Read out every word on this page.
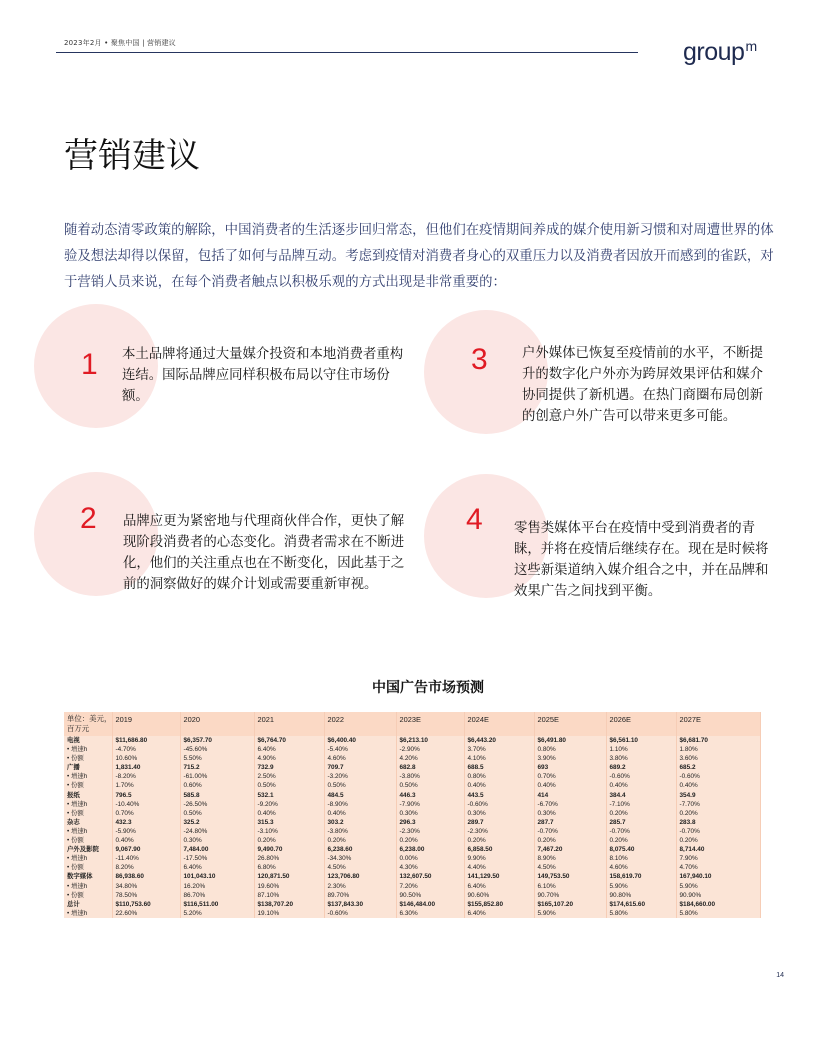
2023年2月 • 聚焦中国 | 营销建议	group$^m$
营销建议
随着动态清零政策的解除，中国消费者的生活逐步回归常态，但他们在疫情期间养成的媒介使用新习惯和对周遭世界的体验及想法却得以保留，包括了如何与品牌互动。考虑到疫情对消费者身心的双重压力以及消费者因放开而感到的雀跃，对于营销人员来说，在每个消费者触点以积极乐观的方式出现是非常重要的：
1 本土品牌将通过大量媒介投资和本地消费者重构连结。国际品牌应同样积极布局以守住市场份额。
2 品牌应更为紧密地与代理商伙伴合作，更快了解现阶段消费者的心态变化。消费者需求在不断进化，他们的关注重点也在不断变化，因此基于之前的洞察做好的媒介计划或需要重新审视。
3	户外媒体已恢复至疫情前的水平，不断提升的数字化户外亦为跨屏效果评估和媒介协同提供了新机遇。在热门商圈布局创新的创意户外广告可以带来更多可能。
4 零售类媒体平台在疫情中受到消费者的青睐，并将在疫情后继续存在。现在是时候将这些新渠道纳入媒介组合之中，并在品牌和效果广告之间找到平衡。
中国广告市场预测
单位：美元，百万元	2019	2020	2021	2022	2023E	2024E	2025E	2026E	2027E
电视	$11,686.80	$6,357.70	$6,764.70	$6,400.40	$6,213.10	$6,443.20	$6,491.80	$6,561.10	$6,681.70
• 增速h	-4.70%	-45.60%	6.40%	-5.40%	-2.90%	3.70%	0.80%	1.10%	1.80%
• 份额	10.60%	5.50%	4.90%	4.60%	4.20%	4.10%	3.90%	3.80%	3.60%
广播	1,831.40	715.2	732.9	709.7	682.8	688.5	693	689.2	685.2
• 增速h	-8.20%	-61.00%	2.50%	-3.20%	-3.80%	0.80%	0.70%	-0.60%	-0.60%
• 份额	1.70%	0.60%	0.50%	0.50%	0.50%	0.40%	0.40%	0.40%	0.40%
报纸	796.5	585.8	532.1	484.5	446.3	443.5	414	384.4	354.9
• 增速h	-10.40%	-26.50%	-9.20%	-8.90%	-7.90%	-0.60%	-6.70%	-7.10%	-7.70%
• 份额	0.70%	0.50%	0.40%	0.40%	0.30%	0.30%	0.30%	0.20%	0.20%
杂志	432.3	325.2	315.3	303.2	296.3	289.7	287.7	285.7	283.8
• 增速h	-5.90%	-24.80%	-3.10%	-3.80%	-2.30%	-2.30%	-0.70%	-0.70%	-0.70%
• 份额	0.40%	0.30%	0.20%	0.20%	0.20%	0.20%	0.20%	0.20%	0.20%
户外及影院	9,067.90	7,484.00	9,490.70	6,238.60	6,238.00	6,858.50	7,467.20	8,075.40	8,714.40
• 增速h	-11.40%	-17.50%	26.80%	-34.30%	0.00%	9.90%	8.90%	8.10%	7.90%
• 份额	8.20%	6.40%	6.80%	4.50%	4.30%	4.40%	4.50%	4.60%	4.70%
数字媒体	86,938.60	101,043.10	120,871.50	123,706.80	132,607.50	141,129.50	149,753.50	158,619.70	167,940.10
• 增速h	34.80%	16.20%	19.60%	2.30%	7.20%	6.40%	6.10%	5.90%	5.90%
• 份额	78.50%	86.70%	87.10%	89.70%	90.50%	90.60%	90.70%	90.80%	90.90%
总计	$110,753.60	$116,511.00	$138,707.20	$137,843.30	$146,484.00	$155,852.80	$165,107.20	$174,615.60	$184,660.00
• 增速h	22.60%	5.20%	19.10%	-0.60%	6.30%	6.40%	5.90%	5.80%	5.80%
14
